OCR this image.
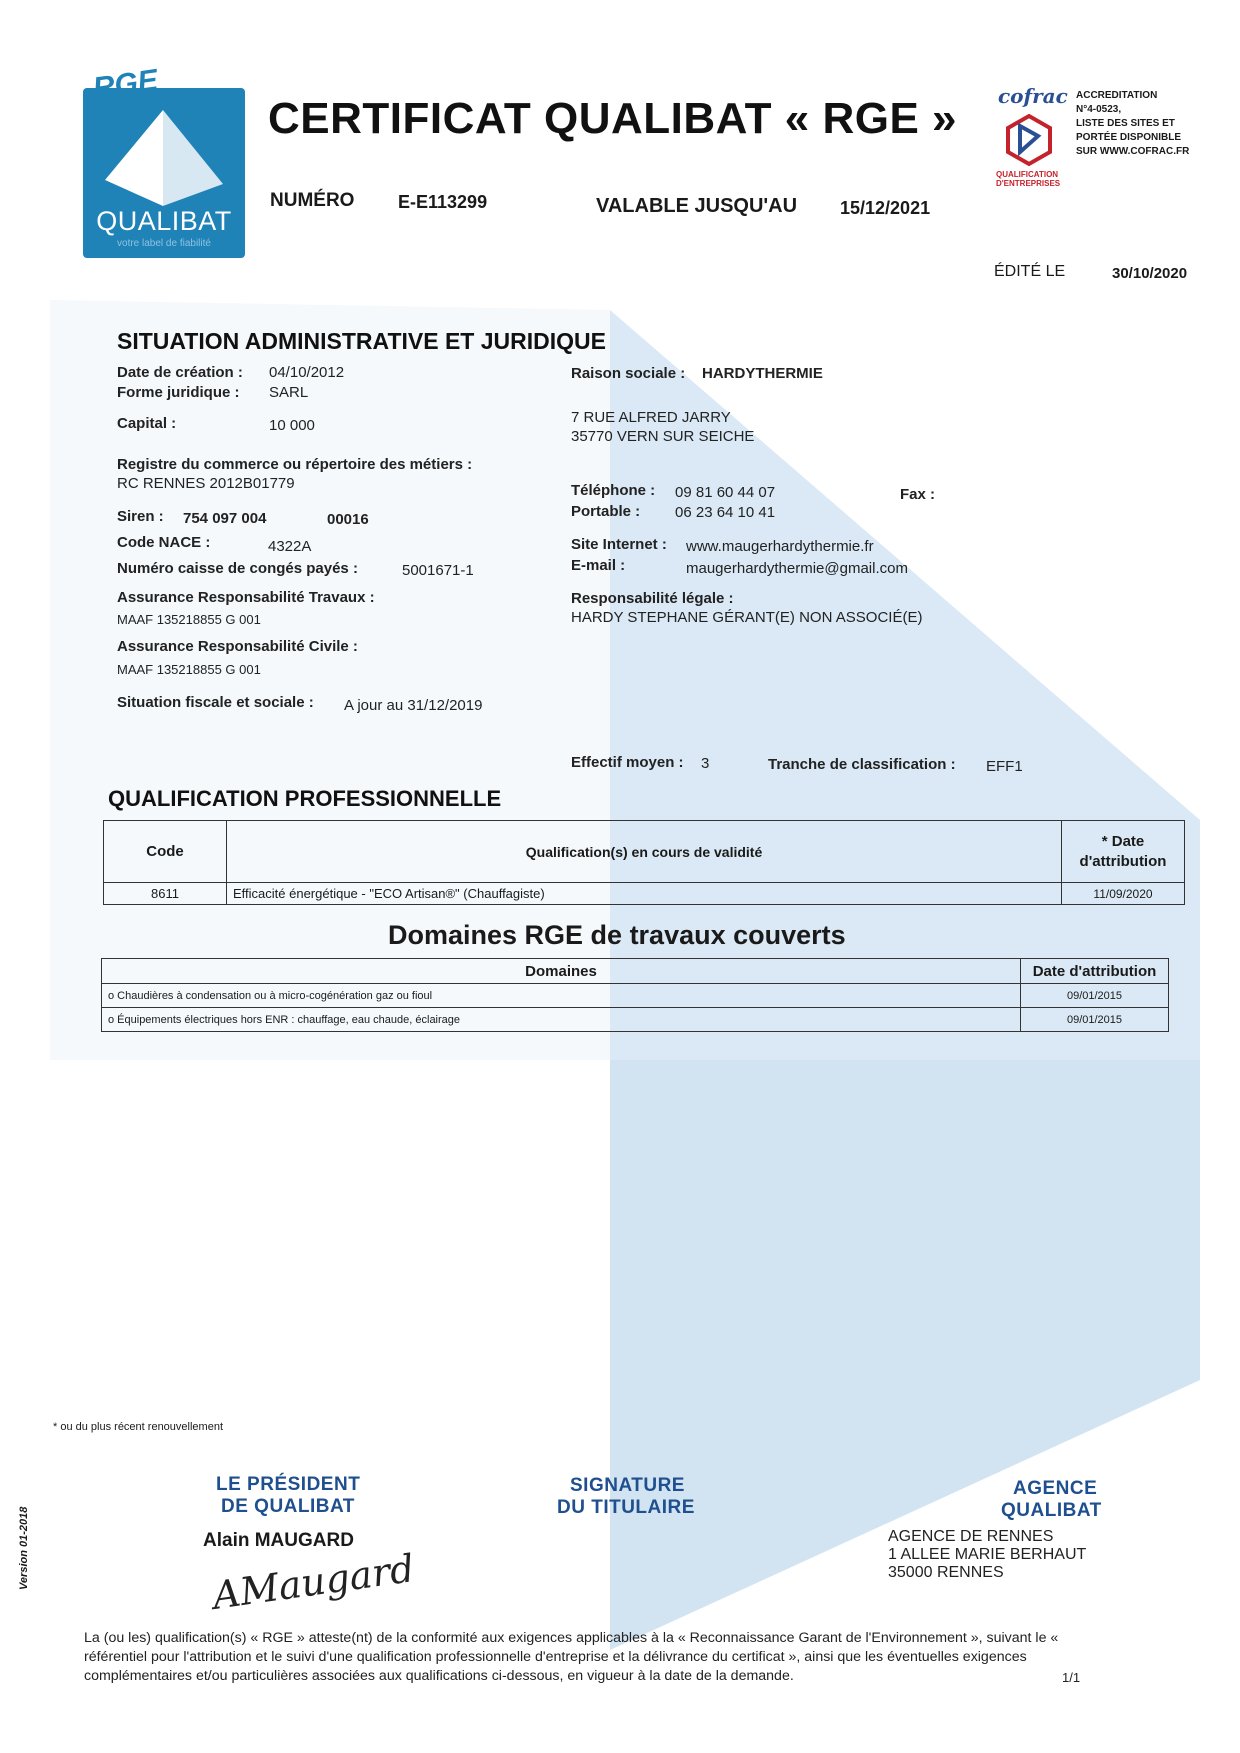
QUALIBAT
votre label de fiabilité
RGE
CERTIFICAT QUALIBAT « RGE »
NUMÉRO E-E113299	VALABLE JUSQU'AU 15/12/2021
cofrac
QUALIFICATION D'ENTREPRISES
ACCREDITATION
N°4-0523,
LISTE DES SITES ET
PORTÉE DISPONIBLE
SUR WWW.COFRAC.FR
ÉDITÉ LE	30/10/2020
SITUATION ADMINISTRATIVE ET JURIDIQUE
Date de création : 04/10/2012
Forme juridique : SARL
Capital :	10 000
Registre du commerce ou répertoire des métiers :
RC RENNES 2012B01779
Siren : 754 097 004	00016
Code NACE :	4322A
Numéro caisse de congés payés :	5001671-1
Assurance Responsabilité Travaux :
MAAF 135218855 G 001
Assurance Responsabilité Civile :
MAAF 135218855 G 001
Situation fiscale et sociale : A jour au 31/12/2019
Raison sociale : HARDYTHERMIE
7 RUE ALFRED JARRY
35770 VERN SUR SEICHE
Téléphone : 09 81 60 44 07	Fax :
Portable : 06 23 64 10 41
Site Internet : www.maugerhardythermie.fr
E-mail :	maugerhardythermie@gmail.com
Responsabilité légale :
HARDY STEPHANE GÉRANT(E) NON ASSOCIÉ(E)
Effectif moyen : 3	Tranche de classification : EFF1
QUALIFICATION PROFESSIONNELLE
Code	Qualification(s) en cours de validité	* Date
d'attribution
8611	Efficacité énergétique - "ECO Artisan®" (Chauffagiste)	11/09/2020
Domaines RGE de travaux couverts
Domaines	Date d'attribution
o Chaudières à condensation ou à micro-cogénération gaz ou fioul	09/01/2015
o Équipements électriques hors ENR : chauffage, eau chaude, éclairage	09/01/2015
* ou du plus récent renouvellement
LE PRÉSIDENT
DE QUALIBAT
Alain MAUGARD
AMaugard
SIGNATURE
DU TITULAIRE
AGENCE
QUALIBAT
AGENCE DE RENNES
1 ALLEE MARIE BERHAUT
35000 RENNES
Version 01-2018
La (ou les) qualification(s) « RGE » atteste(nt) de la conformité aux exigences applicables à la « Reconnaissance Garant de l'Environnement », suivant le «
référentiel pour l'attribution et le suivi d'une qualification professionnelle d'entreprise et la délivrance du certificat », ainsi que les éventuelles exigences
complémentaires et/ou particulières associées aux qualifications ci-dessous, en vigueur à la date de la demande.	1/1
